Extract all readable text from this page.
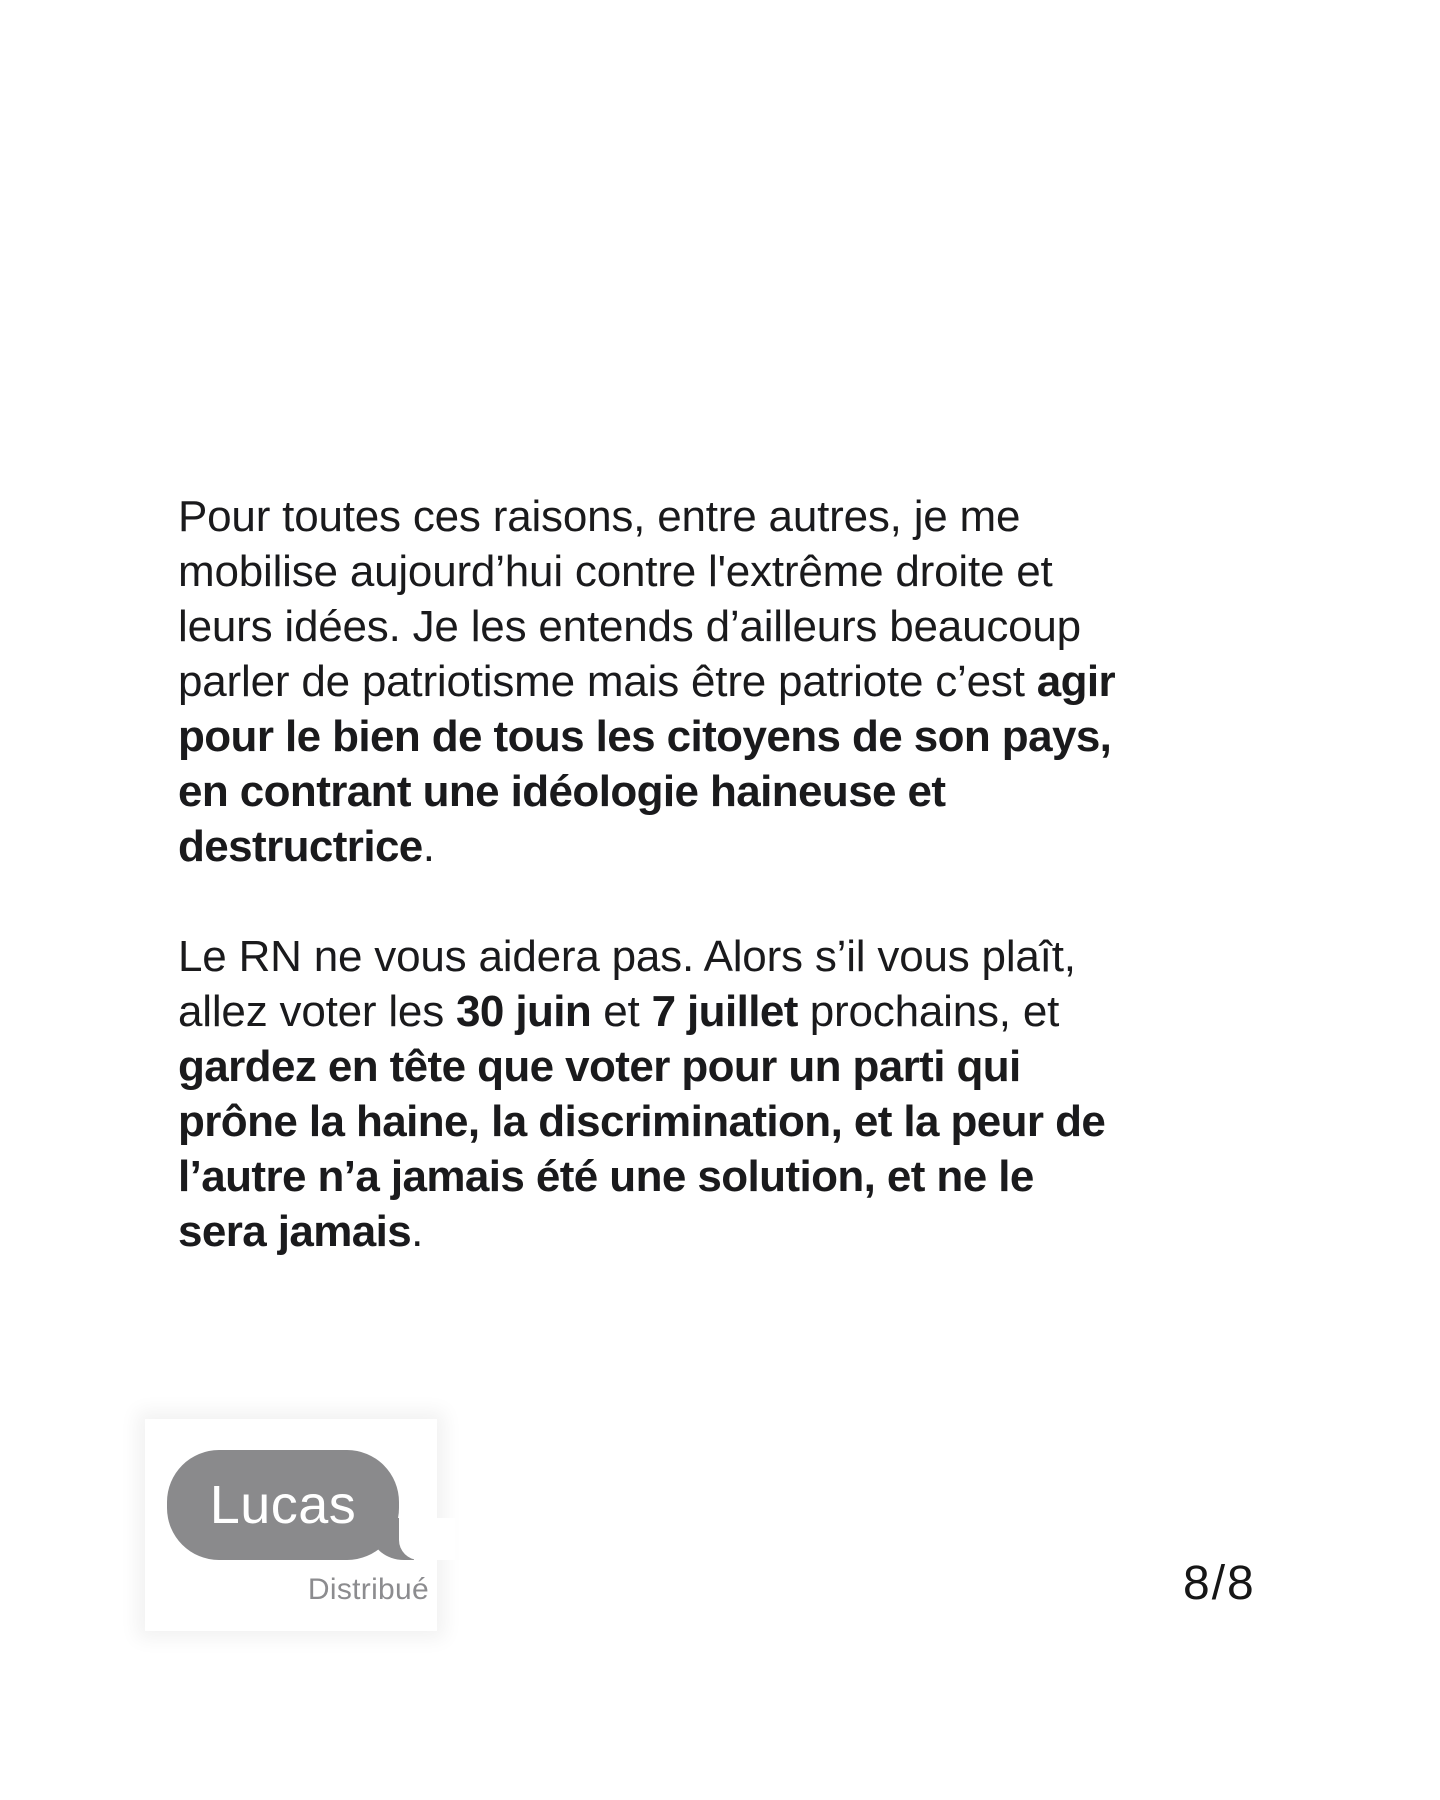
Pour toutes ces raisons, entre autres, je me
mobilise aujourd’hui contre l'extrême droite et
leurs idées. Je les entends d’ailleurs beaucoup
parler de patriotisme mais être patriote c’est agir
pour le bien de tous les citoyens de son pays,
en contrant une idéologie haineuse et
destructrice.
Le RN ne vous aidera pas. Alors s’il vous plaît,
allez voter les 30 juin et 7 juillet prochains, et
gardez en tête que voter pour un parti qui
prône la haine, la discrimination, et la peur de
l’autre n’a jamais été une solution, et ne le
sera jamais.
Lucas
Distribué	8/8
